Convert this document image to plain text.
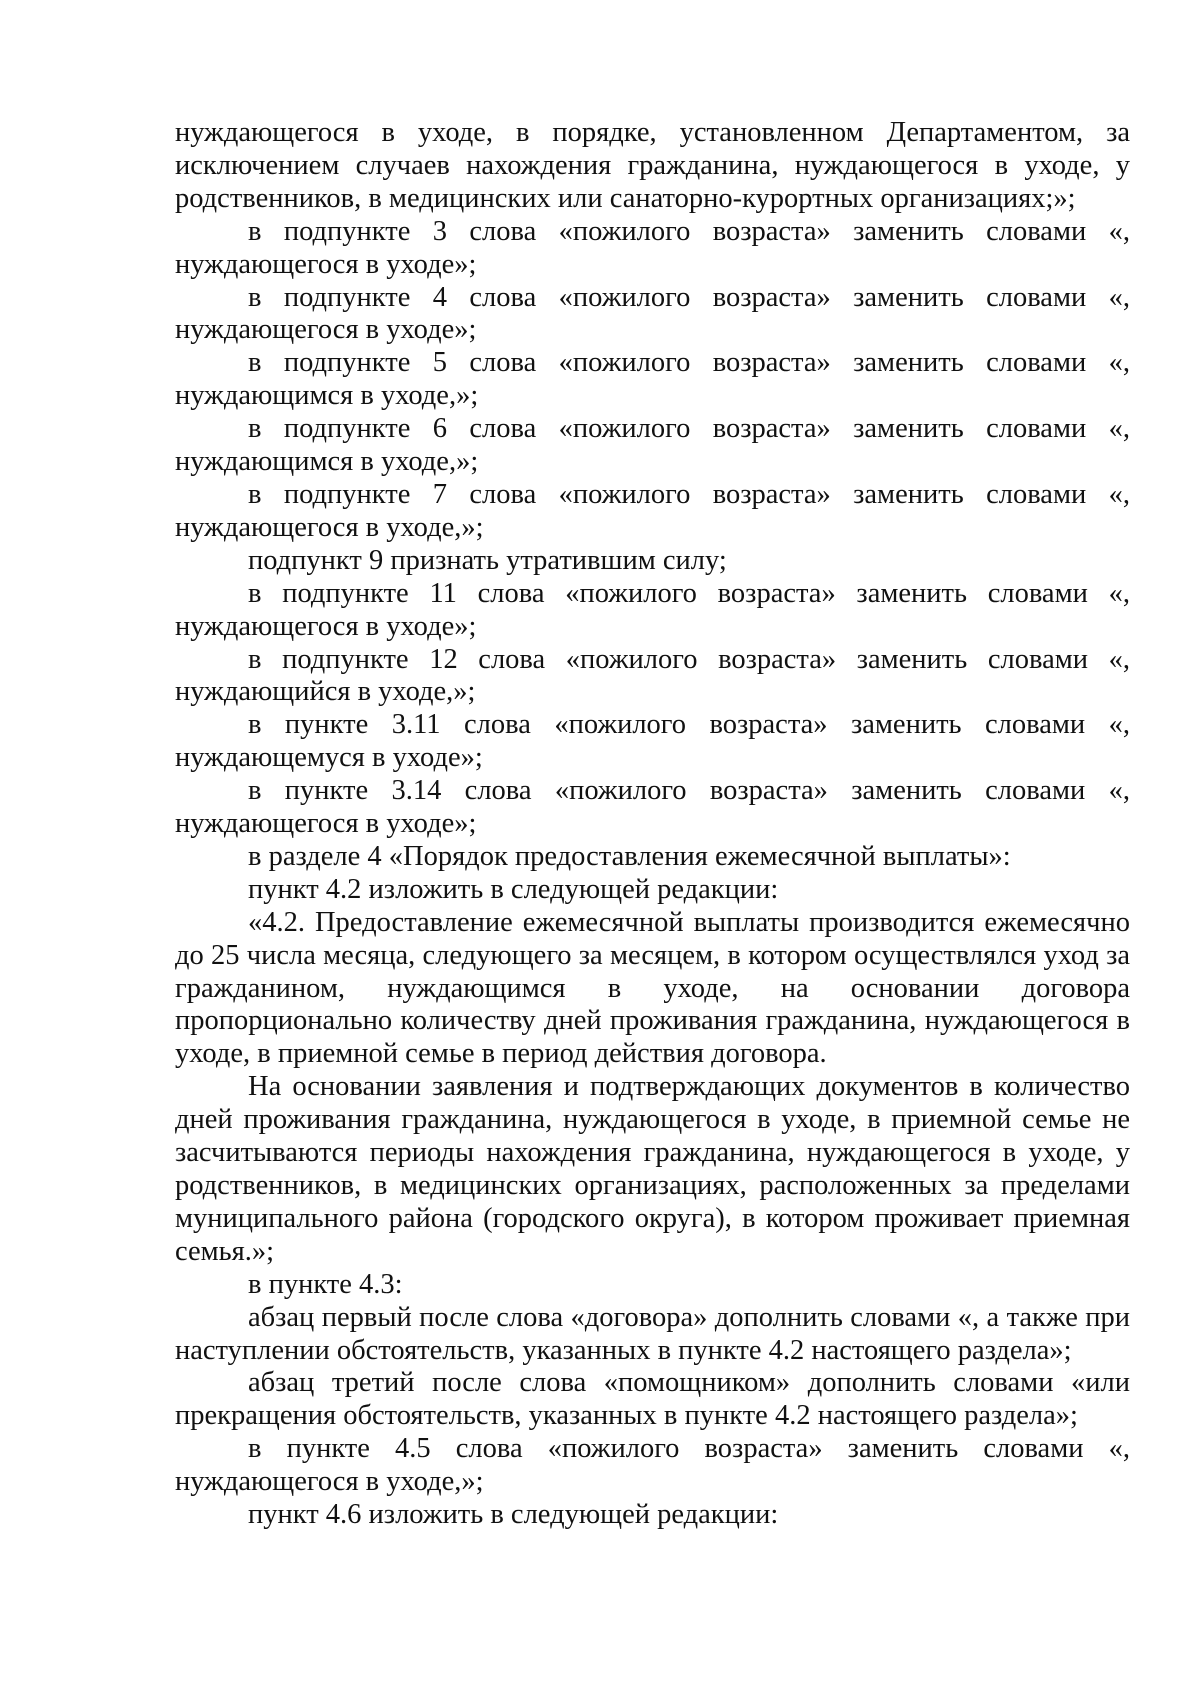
нуждающегося в уходе, в порядке, установленном Департаментом, за исключением случаев нахождения гражданина, нуждающегося в уходе, у родственников, в медицинских или санаторно-курортных организациях;»;

в подпункте 3 слова «пожилого возраста» заменить словами «, нуждающегося в уходе»;

в подпункте 4 слова «пожилого возраста» заменить словами «, нуждающегося в уходе»;

в подпункте 5 слова «пожилого возраста» заменить словами «, нуждающимся в уходе,»;

в подпункте 6 слова «пожилого возраста» заменить словами «, нуждающимся в уходе,»;

в подпункте 7 слова «пожилого возраста» заменить словами «, нуждающегося в уходе,»;

подпункт 9 признать утратившим силу;

в подпункте 11 слова «пожилого возраста» заменить словами «, нуждающегося в уходе»;

в подпункте 12 слова «пожилого возраста» заменить словами «, нуждающийся в уходе,»;

в пункте 3.11 слова «пожилого возраста» заменить словами «, нуждающемуся в уходе»;

в пункте 3.14 слова «пожилого возраста» заменить словами «, нуждающегося в уходе»;

в разделе 4 «Порядок предоставления ежемесячной выплаты»:

пункт 4.2 изложить в следующей редакции:

«4.2. Предоставление ежемесячной выплаты производится ежемесячно до 25 числа месяца, следующего за месяцем, в котором осуществлялся уход за гражданином, нуждающимся в уходе, на основании договора пропорционально количеству дней проживания гражданина, нуждающегося в уходе, в приемной семье в период действия договора.

На основании заявления и подтверждающих документов в количество дней проживания гражданина, нуждающегося в уходе, в приемной семье не засчитываются периоды нахождения гражданина, нуждающегося в уходе, у родственников, в медицинских организациях, расположенных за пределами муниципального района (городского округа), в котором проживает приемная семья.»;

в пункте 4.3:

абзац первый после слова «договора» дополнить словами «, а также при наступлении обстоятельств, указанных в пункте 4.2 настоящего раздела»;

абзац третий после слова «помощником» дополнить словами «или прекращения обстоятельств, указанных в пункте 4.2 настоящего раздела»;

в пункте 4.5 слова «пожилого возраста» заменить словами «, нуждающегося в уходе,»;

пункт 4.6 изложить в следующей редакции:
